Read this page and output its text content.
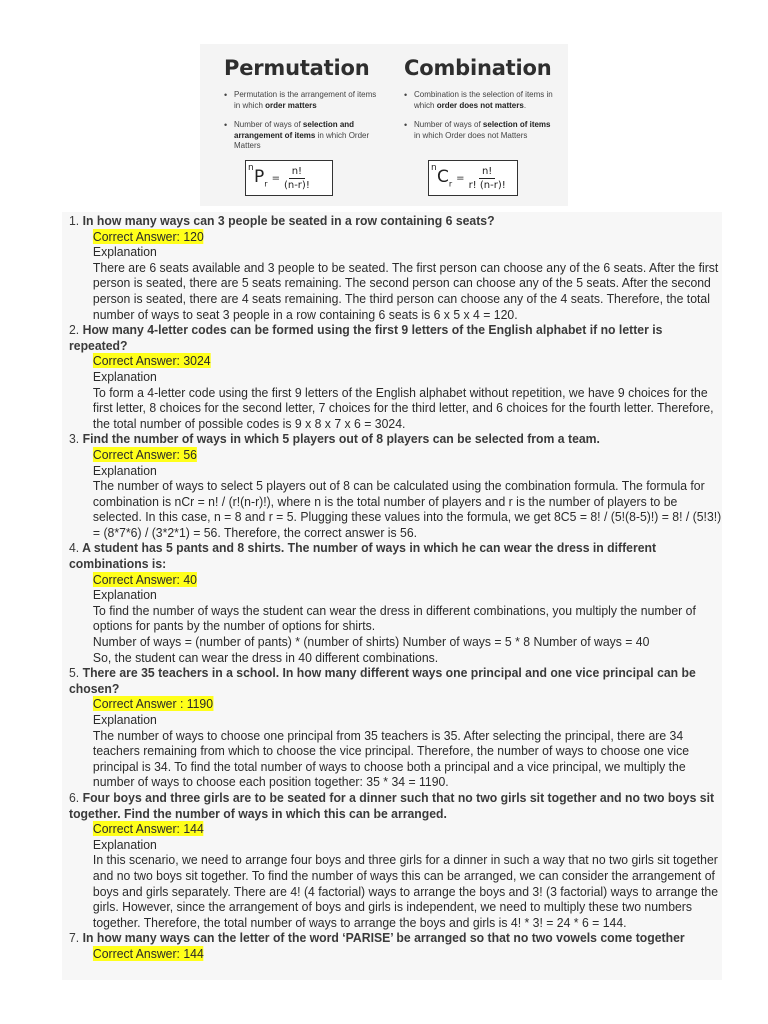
Permutation
• Permutation is the arrangement of items in which order matters
• Number of ways of selection and arrangement of items in which Order Matters
Combination
• Combination is the selection of items in which order does not matters.
• Number of ways of selection of items in which Order does not Matters
n $P_r$
= $\frac{n!}{(n-r)!}$	n $C_r$
= $\frac{n!}{r! (n-r)!}$
1. In how many ways can 3 people be seated in a row containing 6 seats?
Correct Answer: 120
Explanation
There are 6 seats available and 3 people to be seated. The first person can choose any of the 6 seats. After the first person is seated, there are 5 seats remaining. The second person can choose any of the 5 seats. After the second person is seated, there are 4 seats remaining. The third person can choose any of the 4 seats. Therefore, the total number of ways to seat 3 people in a row containing 6 seats is 6 x 5 x 4 = 120.
2. How many 4-letter codes can be formed using the first 9 letters of the English alphabet if no letter is repeated?
Correct Answer: 3024
Explanation
To form a 4-letter code using the first 9 letters of the English alphabet without repetition, we have 9 choices for the first letter, 8 choices for the second letter, 7 choices for the third letter, and 6 choices for the fourth letter. Therefore, the total number of possible codes is 9 x 8 x 7 x 6 = 3024.
3. Find the number of ways in which 5 players out of 8 players can be selected from a team.
Correct Answer: 56
Explanation
The number of ways to select 5 players out of 8 can be calculated using the combination formula. The formula for combination is nCr = n! / (r!(n-r)!), where n is the total number of players and r is the number of players to be selected. In this case, n = 8 and r = 5. Plugging these values into the formula, we get 8C5 = 8! / (5!(8-5)!) = 8! / (5!3!) = (8*7*6) / (3*2*1) = 56. Therefore, the correct answer is 56.
4. A student has 5 pants and 8 shirts. The number of ways in which he can wear the dress in different combinations is:
Correct Answer: 40
Explanation
To find the number of ways the student can wear the dress in different combinations, you multiply the number of options for pants by the number of options for shirts.
Number of ways = (number of pants) * (number of shirts) Number of ways = 5 * 8 Number of ways = 40
So, the student can wear the dress in 40 different combinations.
5. There are 35 teachers in a school. In how many different ways one principal and one vice principal can be chosen?
Correct Answer : 1190
Explanation
The number of ways to choose one principal from 35 teachers is 35. After selecting the principal, there are 34 teachers remaining from which to choose the vice principal. Therefore, the number of ways to choose one vice principal is 34. To find the total number of ways to choose both a principal and a vice principal, we multiply the number of ways to choose each position together: 35 * 34 = 1190.
6. Four boys and three girls are to be seated for a dinner such that no two girls sit together and no two boys sit together. Find the number of ways in which this can be arranged.
Correct Answer: 144
Explanation
In this scenario, we need to arrange four boys and three girls for a dinner in such a way that no two girls sit together and no two boys sit together. To find the number of ways this can be arranged, we can consider the arrangement of boys and girls separately. There are 4! (4 factorial) ways to arrange the boys and 3! (3 factorial) ways to arrange the girls. However, since the arrangement of boys and girls is independent, we need to multiply these two numbers together. Therefore, the total number of ways to arrange the boys and girls is 4! * 3! = 24 * 6 = 144.
7. In how many ways can the letter of the word ‘PARISE’ be arranged so that no two vowels come together
Correct Answer: 144
